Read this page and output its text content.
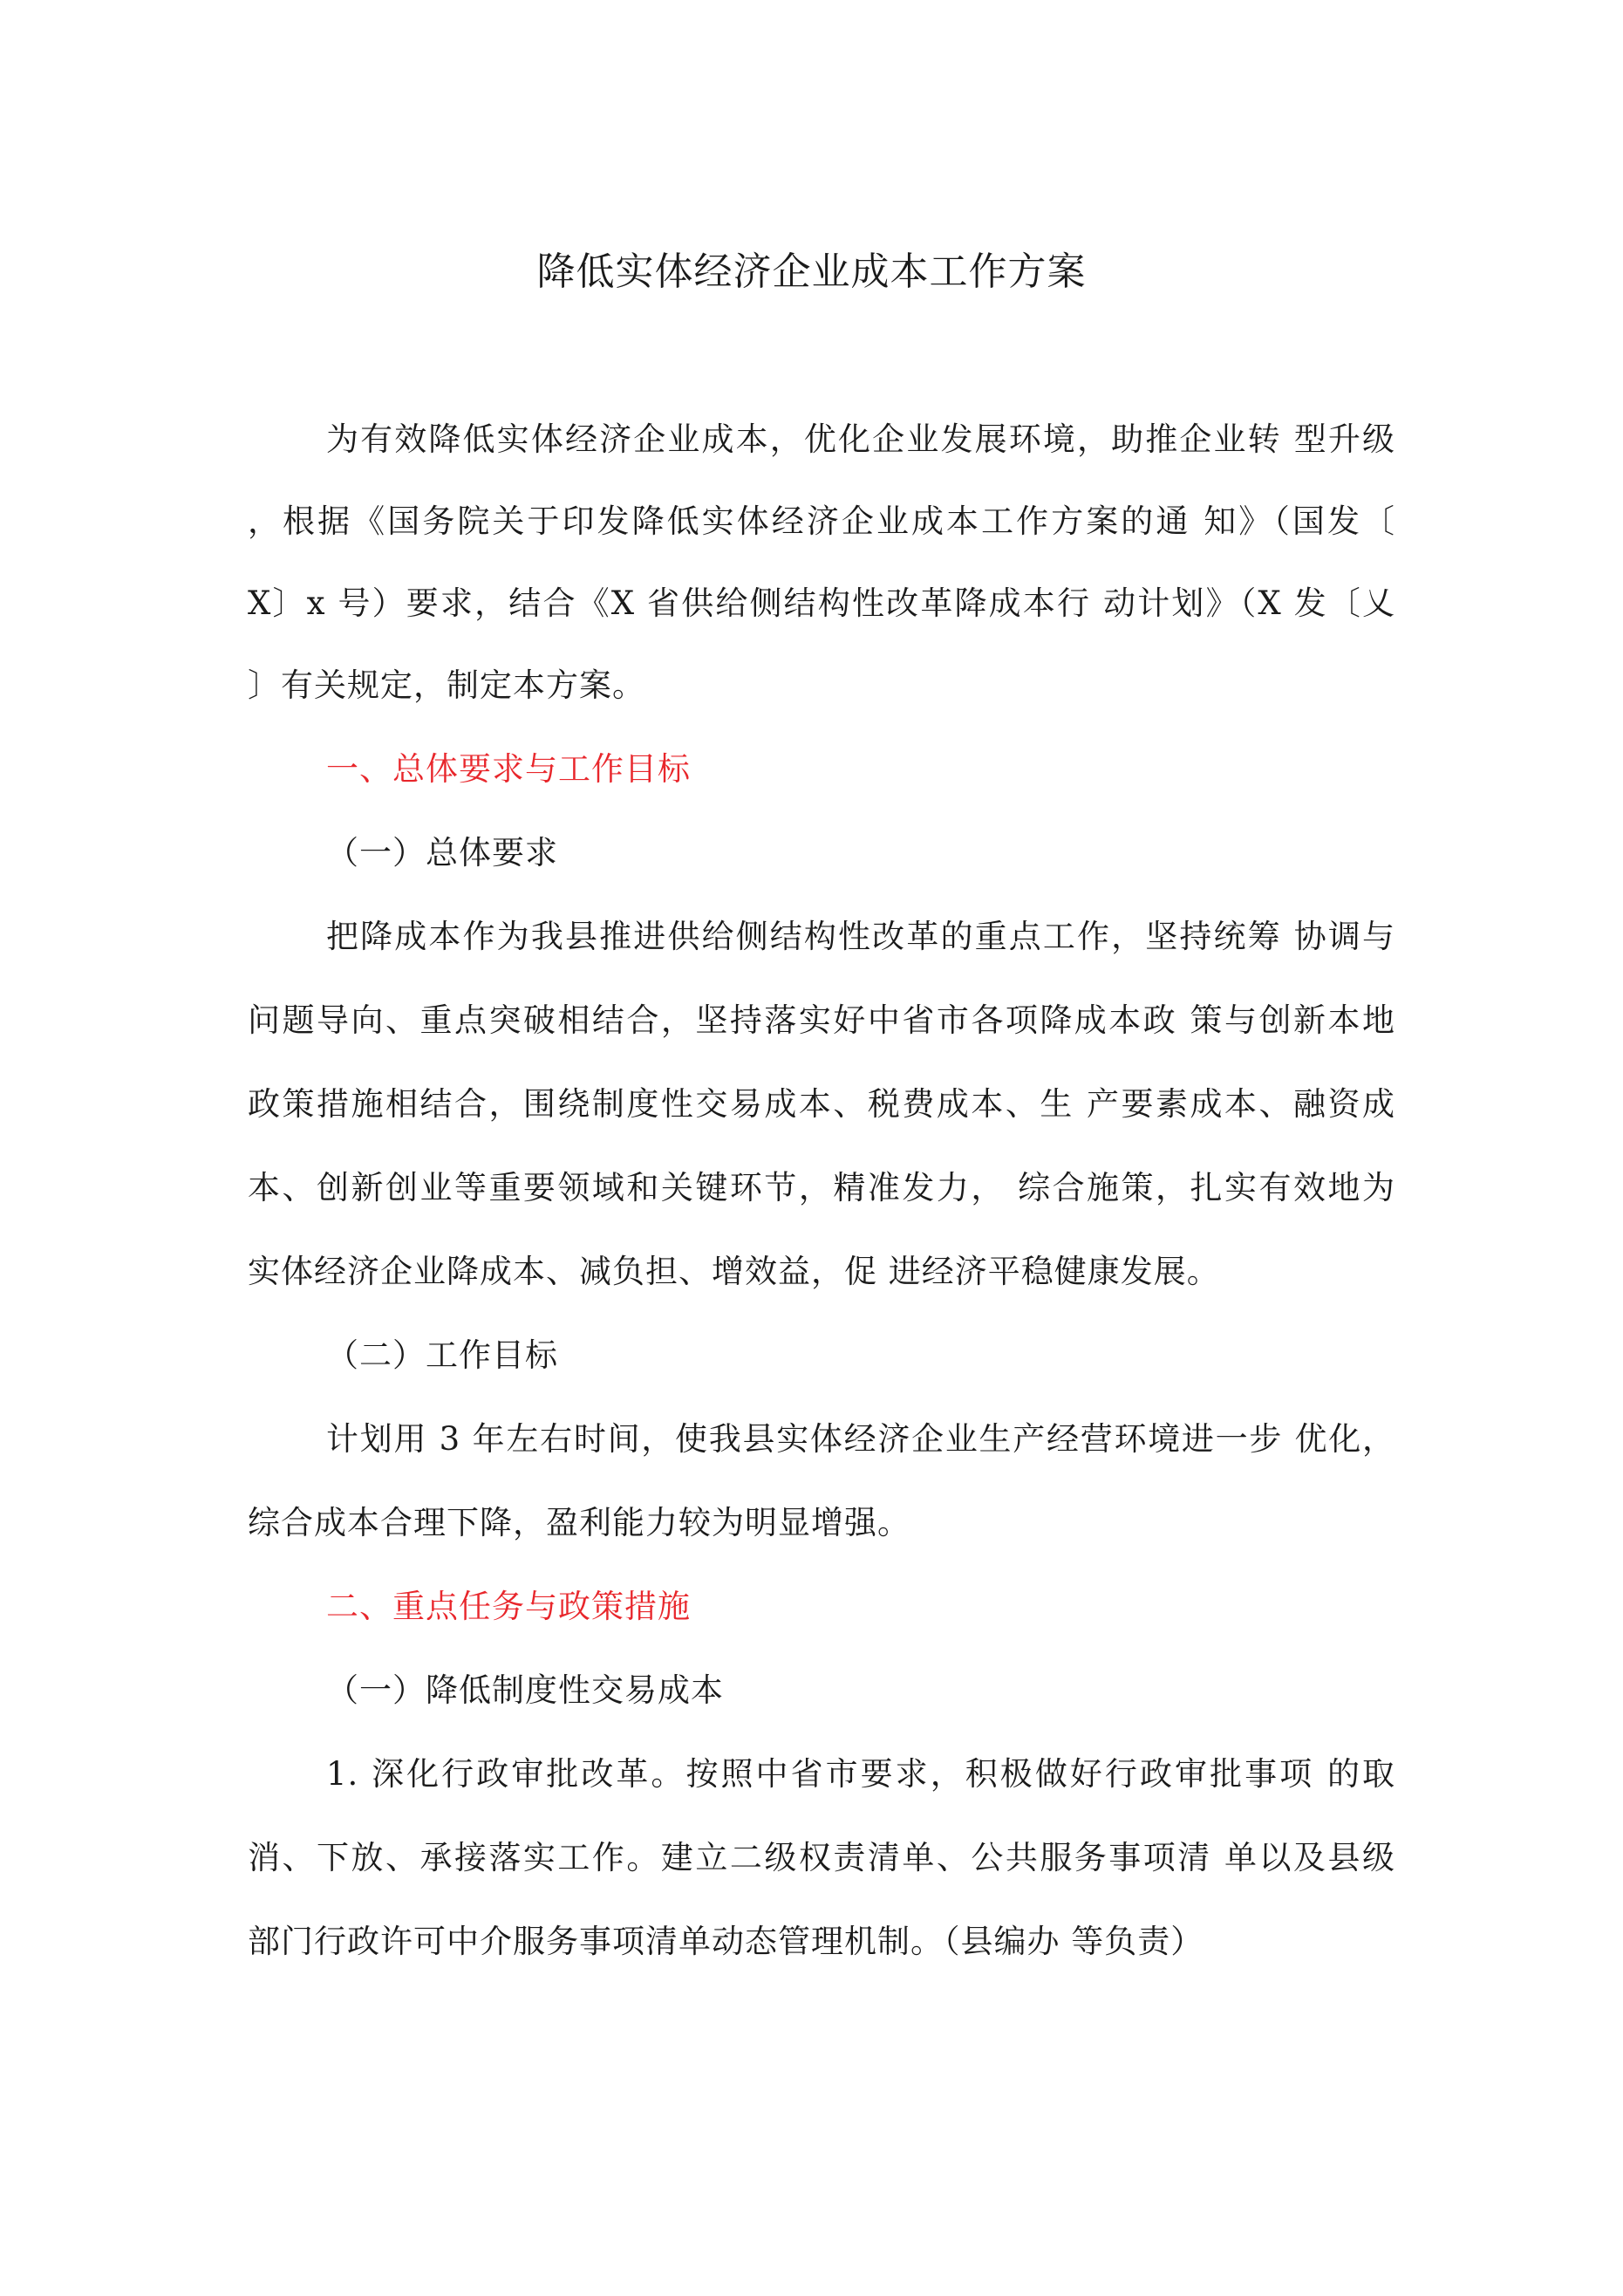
降低实体经济企业成本工作方案
为有效降低实体经济企业成本，优化企业发展环境，助推企业转 型升级
，根据《国务院关于印发降低实体经济企业成本工作方案的通 知》（国发〔
X〕x 号）要求，结合《X 省供给侧结构性改革降成本行 动计划》（X 发〔乂
〕有关规定，制定本方案。
一、总体要求与工作目标
（一）总体要求
把降成本作为我县推进供给侧结构性改革的重点工作，坚持统筹 协调与
问题导向、重点突破相结合，坚持落实好中省市各项降成本政 策与创新本地
政策措施相结合，围绕制度性交易成本、税费成本、生 产要素成本、融资成
本、创新创业等重要领域和关键环节，精准发力， 综合施策，扎实有效地为
实体经济企业降成本、减负担、增效益，促 进经济平稳健康发展。
（二）工作目标
计划用 3 年左右时间，使我县实体经济企业生产经营环境进一步 优化，
综合成本合理下降，盈利能力较为明显增强。
二、重点任务与政策措施
（一）降低制度性交易成本
1. 深化行政审批改革。按照中省市要求，积极做好行政审批事项 的取
消、下放、承接落实工作。建立二级权责清单、公共服务事项清 单以及县级
部门行政许可中介服务事项清单动态管理机制。（县编办 等负责）
